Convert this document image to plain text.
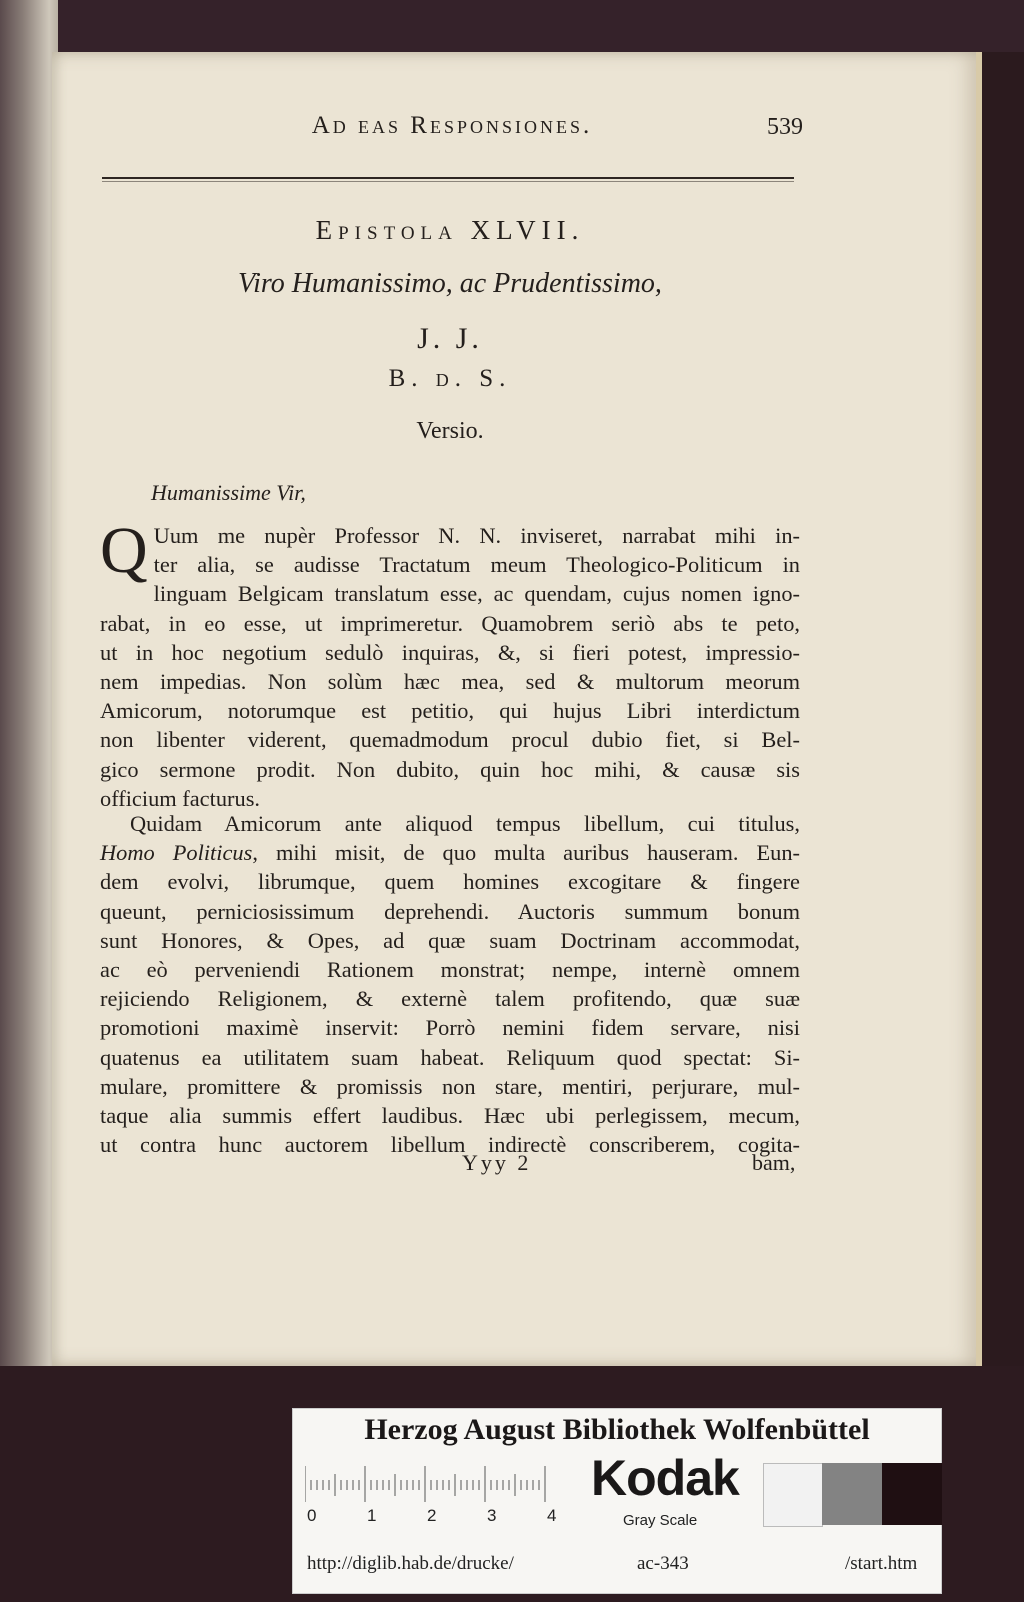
Ad eas Responsiones.	539
Epistola XLVII.
Viro Humanissimo, ac Prudentissimo,
J. J.
B. d. S.
Versio.
Humanissime Vir,
Q Uum me nupèr Professor N. N. inviseret, narrabat mihi in-
ter alia, se audisse Tractatum meum Theologico-Politicum in
linguam Belgicam translatum esse, ac quendam, cujus nomen igno-
rabat, in eo esse, ut imprimeretur. Quamobrem seriò abs te peto,
ut in hoc negotium sedulò inquiras, &, si fieri potest, impressio-
nem impedias. Non solùm hæc mea, sed & multorum meorum
Amicorum, notorumque est petitio, qui hujus Libri interdictum
non libenter viderent, quemadmodum procul dubio fiet, si Bel-
gico sermone prodit. Non dubito, quin hoc mihi, & causæ sis
officium facturus.
Quidam Amicorum ante aliquod tempus libellum, cui titulus,
Homo Politicus, mihi misit, de quo multa auribus hauseram. Eun-
dem evolvi, librumque, quem homines excogitare & fingere
queunt, perniciosissimum deprehendi. Auctoris summum bonum
sunt Honores, & Opes, ad quæ suam Doctrinam accommodat,
ac eò perveniendi Rationem monstrat; nempe, internè omnem
rejiciendo Religionem, & externè talem profitendo, quæ suæ
promotioni maximè inservit: Porrò nemini fidem servare, nisi
quatenus ea utilitatem suam habeat. Reliquum quod spectat: Si-
mulare, promittere & promissis non stare, mentiri, perjurare, mul-
taque alia summis effert laudibus. Hæc ubi perlegissem, mecum,
ut contra hunc auctorem libellum indirectè conscriberem, cogita-
Yyy 2	bam,
Herzog August Bibliothek Wolfenbüttel
0	1	2	3	4
Kodak
Gray Scale
http://diglib.hab.de/drucke/	ac-343	/start.htm
